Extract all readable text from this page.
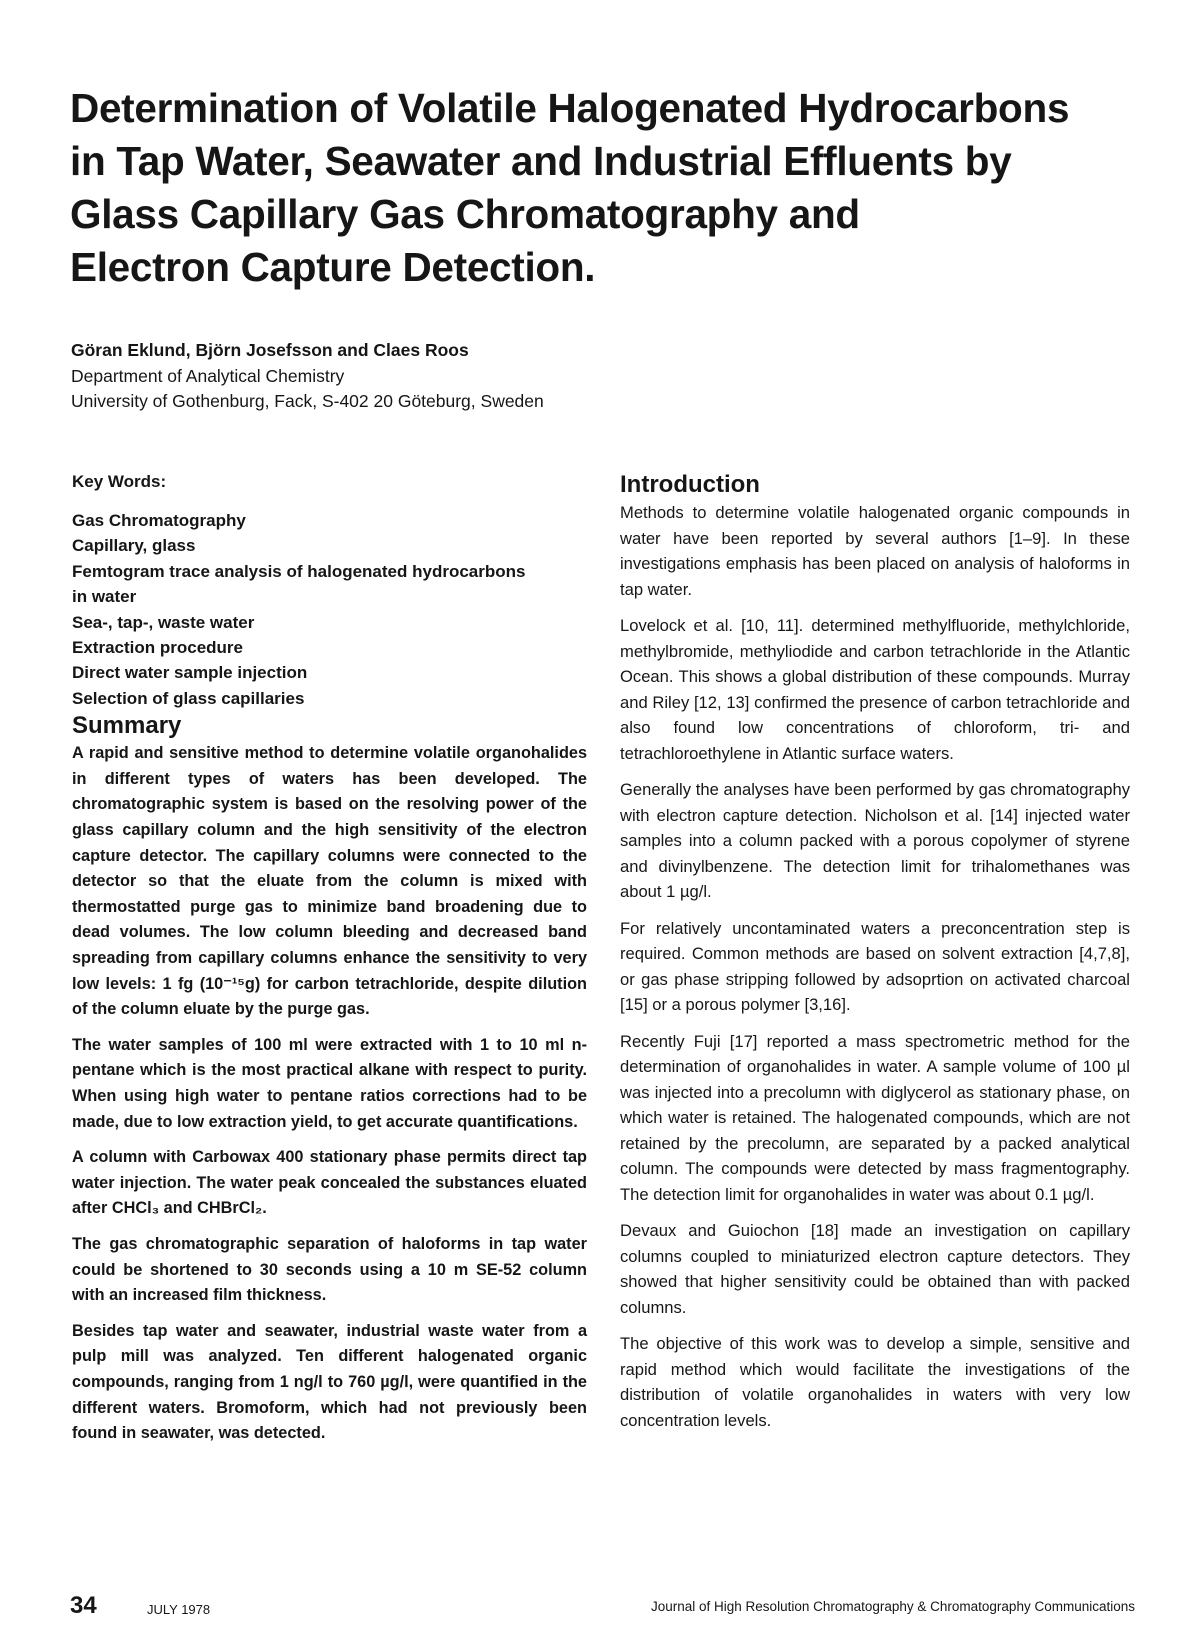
Determination of Volatile Halogenated Hydrocarbons
in Tap Water, Seawater and Industrial Effluents by
Glass Capillary Gas Chromatography and
Electron Capture Detection.
Göran Eklund, Björn Josefsson and Claes Roos
Department of Analytical Chemistry
University of Gothenburg, Fack, S-402 20 Göteburg, Sweden
Key Words:
Gas Chromatography
Capillary, glass
Femtogram trace analysis of halogenated hydrocarbons
in water
Sea-, tap-, waste water
Extraction procedure
Direct water sample injection
Selection of glass capillaries
Summary

A rapid and sensitive method to determine volatile organohalides in different types of waters has been developed. The chromatographic system is based on the resolving power of the glass capillary column and the high sensitivity of the electron capture detector. The capillary columns were connected to the detector so that the eluate from the column is mixed with thermostatted purge gas to minimize band broadening due to dead volumes. The low column bleeding and decreased band spreading from capillary columns enhance the sensitivity to very low levels: 1 fg (10⁻¹⁵g) for carbon tetrachloride, despite dilution of the column eluate by the purge gas.

The water samples of 100 ml were extracted with 1 to 10 ml n-pentane which is the most practical alkane with respect to purity. When using high water to pentane ratios corrections had to be made, due to low extraction yield, to get accurate quantifications.

A column with Carbowax 400 stationary phase permits direct tap water injection. The water peak concealed the substances eluated after CHCl₃ and CHBrCl₂.

The gas chromatographic separation of haloforms in tap water could be shortened to 30 seconds using a 10 m SE-52 column with an increased film thickness.

Besides tap water and seawater, industrial waste water from a pulp mill was analyzed. Ten different halogenated organic compounds, ranging from 1 ng/l to 760 µg/l, were quantified in the different waters. Bromoform, which had not previously been found in seawater, was detected.

Introduction

Methods to determine volatile halogenated organic compounds in water have been reported by several authors [1–9]. In these investigations emphasis has been placed on analysis of haloforms in tap water.

Lovelock et al. [10, 11]. determined methylfluoride, methylchloride, methylbromide, methyliodide and carbon tetrachloride in the Atlantic Ocean. This shows a global distribution of these compounds. Murray and Riley [12, 13] confirmed the presence of carbon tetrachloride and also found low concentrations of chloroform, tri- and tetrachloroethylene in Atlantic surface waters.

Generally the analyses have been performed by gas chromatography with electron capture detection. Nicholson et al. [14] injected water samples into a column packed with a porous copolymer of styrene and divinylbenzene. The detection limit for trihalomethanes was about 1 µg/l.

For relatively uncontaminated waters a preconcentration step is required. Common methods are based on solvent extraction [4,7,8], or gas phase stripping followed by adsoprtion on activated charcoal [15] or a porous polymer [3,16].

Recently Fuji [17] reported a mass spectrometric method for the determination of organohalides in water. A sample volume of 100 µl was injected into a precolumn with diglycerol as stationary phase, on which water is retained. The halogenated compounds, which are not retained by the precolumn, are separated by a packed analytical column. The compounds were detected by mass fragmentography. The detection limit for organohalides in water was about 0.1 µg/l.

Devaux and Guiochon [18] made an investigation on capillary columns coupled to miniaturized electron capture detectors. They showed that higher sensitivity could be obtained than with packed columns.

The objective of this work was to develop a simple, sensitive and rapid method which would facilitate the investigations of the distribution of volatile organohalides in waters with very low concentration levels.

34	JULY 1978	Journal of High Resolution Chromatography & Chromatography Communications
